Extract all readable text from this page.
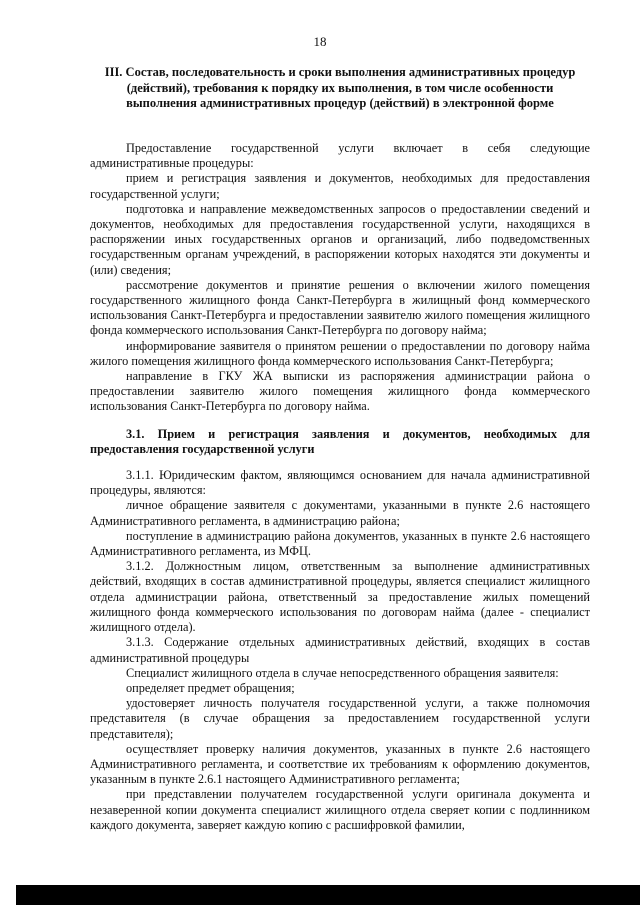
18
III. Состав, последовательность и сроки выполнения административных процедур (действий), требования к порядку их выполнения, в том числе особенности выполнения административных процедур (действий) в электронной форме

Предоставление государственной услуги включает в себя следующие административные процедуры:

прием и регистрация заявления и документов, необходимых для предоставления государственной услуги;

подготовка и направление межведомственных запросов о предоставлении сведений и документов, необходимых для предоставления государственной услуги, находящихся в распоряжении иных государственных органов и организаций, либо подведомственных государственным органам учреждений, в распоряжении которых находятся эти документы и (или) сведения;

рассмотрение документов и принятие решения о включении жилого помещения государственного жилищного фонда Санкт-Петербурга в жилищный фонд коммерческого использования Санкт-Петербурга и предоставлении заявителю жилого помещения жилищного фонда коммерческого использования Санкт-Петербурга по договору найма;

информирование заявителя о принятом решении о предоставлении по договору найма жилого помещения жилищного фонда коммерческого использования Санкт-Петербурга;

направление в ГКУ ЖА выписки из распоряжения администрации района о предоставлении заявителю жилого помещения жилищного фонда коммерческого использования Санкт-Петербурга по договору найма.

3.1. Прием и регистрация заявления и документов, необходимых для предоставления государственной услуги

3.1.1. Юридическим фактом, являющимся основанием для начала административной процедуры, являются:

личное обращение заявителя с документами, указанными в пункте 2.6 настоящего Административного регламента, в администрацию района;

поступление в администрацию района документов, указанных в пункте 2.6 настоящего Административного регламента, из МФЦ.

3.1.2. Должностным лицом, ответственным за выполнение административных действий, входящих в состав административной процедуры, является специалист жилищного отдела администрации района, ответственный за предоставление жилых помещений жилищного фонда коммерческого использования по договорам найма (далее - специалист жилищного отдела).

3.1.3. Содержание отдельных административных действий, входящих в состав административной процедуры

Специалист жилищного отдела в случае непосредственного обращения заявителя:

определяет предмет обращения;

удостоверяет личность получателя государственной услуги, а также полномочия представителя (в случае обращения за предоставлением государственной услуги представителя);

осуществляет проверку наличия документов, указанных в пункте 2.6 настоящего Административного регламента, и соответствие их требованиям к оформлению документов, указанным в пункте 2.6.1 настоящего Административного регламента;

при представлении получателем государственной услуги оригинала документа и незаверенной копии документа специалист жилищного отдела сверяет копии с подлинником каждого документа, заверяет каждую копию с расшифровкой фамилии,
